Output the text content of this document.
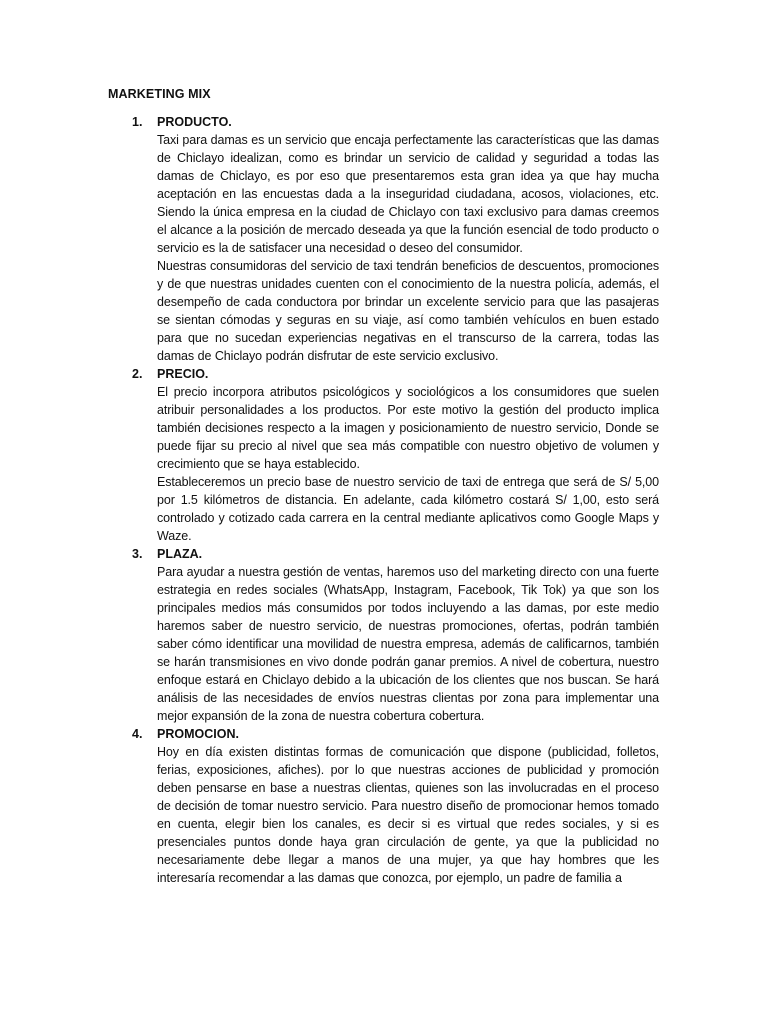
MARKETING MIX
1. PRODUCTO.

Taxi para damas es un servicio que encaja perfectamente las características que las damas de Chiclayo idealizan, como es brindar un servicio de calidad y seguridad a todas las damas de Chiclayo, es por eso que presentaremos esta gran idea ya que hay mucha aceptación en las encuestas dada a la inseguridad ciudadana, acosos, violaciones, etc. Siendo la única empresa en la ciudad de Chiclayo con taxi exclusivo para damas creemos el alcance a la posición de mercado deseada ya que la función esencial de todo producto o servicio es la de satisfacer una necesidad o deseo del consumidor.

Nuestras consumidoras del servicio de taxi tendrán beneficios de descuentos, promociones y de que nuestras unidades cuenten con el conocimiento de la nuestra policía, además, el desempeño de cada conductora por brindar un excelente servicio para que las pasajeras se sientan cómodas y seguras en su viaje, así como también vehículos en buen estado para que no sucedan experiencias negativas en el transcurso de la carrera, todas las damas de Chiclayo podrán disfrutar de este servicio exclusivo.

2. PRECIO.

El precio incorpora atributos psicológicos y sociológicos a los consumidores que suelen atribuir personalidades a los productos. Por este motivo la gestión del producto implica también decisiones respecto a la imagen y posicionamiento de nuestro servicio, Donde se puede fijar su precio al nivel que sea más compatible con nuestro objetivo de volumen y crecimiento que se haya establecido.

Estableceremos un precio base de nuestro servicio de taxi de entrega que será de S/ 5,00 por 1.5 kilómetros de distancia. En adelante, cada kilómetro costará S/ 1,00, esto será controlado y cotizado cada carrera en la central mediante aplicativos como Google Maps y Waze.

3. PLAZA.

Para ayudar a nuestra gestión de ventas, haremos uso del marketing directo con una fuerte estrategia en redes sociales (WhatsApp, Instagram, Facebook, Tik Tok) ya que son los principales medios más consumidos por todos incluyendo a las damas, por este medio haremos saber de nuestro servicio, de nuestras promociones, ofertas, podrán también saber cómo identificar una movilidad de nuestra empresa, además de calificarnos, también se harán transmisiones en vivo donde podrán ganar premios. A nivel de cobertura, nuestro enfoque estará en Chiclayo debido a la ubicación de los clientes que nos buscan. Se hará análisis de las necesidades de envíos nuestras clientas por zona para implementar una mejor expansión de la zona de nuestra cobertura cobertura.

4. PROMOCION.

Hoy en día existen distintas formas de comunicación que dispone (publicidad, folletos, ferias, exposiciones, afiches). por lo que nuestras acciones de publicidad y promoción deben pensarse en base a nuestras clientas, quienes son las involucradas en el proceso de decisión de tomar nuestro servicio. Para nuestro diseño de promocionar hemos tomado en cuenta, elegir bien los canales, es decir si es virtual que redes sociales, y si es presenciales puntos donde haya gran circulación de gente, ya que la publicidad no necesariamente debe llegar a manos de una mujer, ya que hay hombres que les interesaría recomendar a las damas que conozca, por ejemplo, un padre de familia a
